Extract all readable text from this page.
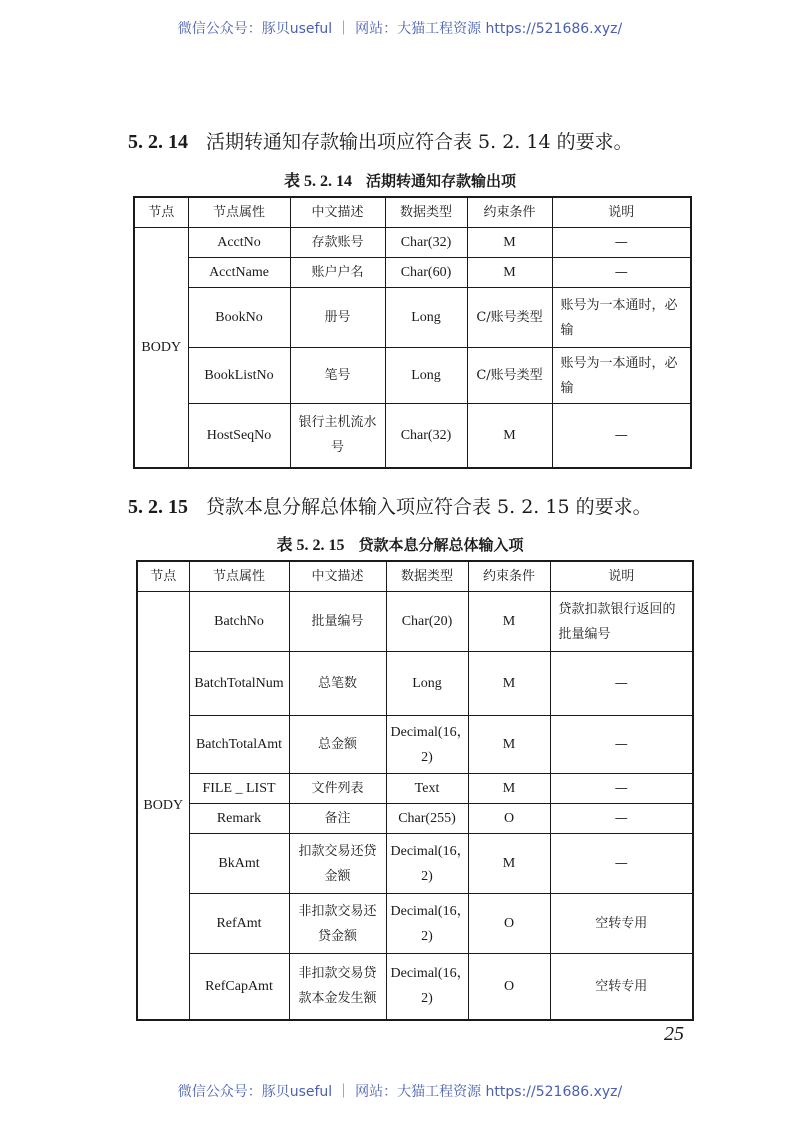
微信公众号：豚贝useful ｜ 网站：大猫工程资源 https://521686.xyz/
5. 2. 14 活期转通知存款输出项应符合表 5. 2. 14 的要求。
表 5. 2. 14 活期转通知存款输出项
节点	节点属性	中文描述	数据类型	约束条件	说明
BODY	AcctNo	存款账号	Char(32)	M	—
	AcctName	账户户名	Char(60)	M	—
	BookNo	册号	Long	C/账号类型	账号为一本通时，必输
	BookListNo	笔号	Long	C/账号类型	账号为一本通时，必输
	HostSeqNo	银行主机流水号	Char(32)	M	—
5. 2. 15 贷款本息分解总体输入项应符合表 5. 2. 15 的要求。
表 5. 2. 15 贷款本息分解总体输入项
节点	节点属性	中文描述	数据类型	约束条件	说明
BODY	BatchNo	批量编号	Char(20)	M	贷款扣款银行返回的批量编号
	BatchTotalNum	总笔数	Long	M	—
	BatchTotalAmt	总金额	Decimal(16，2)	M	—
	FILE _ LIST	文件列表	Text	M	—
	Remark	备注	Char(255)	O	—
	BkAmt	扣款交易还贷金额	Decimal(16，2)	M	—
	RefAmt	非扣款交易还贷金额	Decimal(16，2)	O	空转专用
	RefCapAmt	非扣款交易贷款本金发生额	Decimal(16，2)	O	空转专用
25
微信公众号：豚贝useful ｜ 网站：大猫工程资源 https://521686.xyz/
